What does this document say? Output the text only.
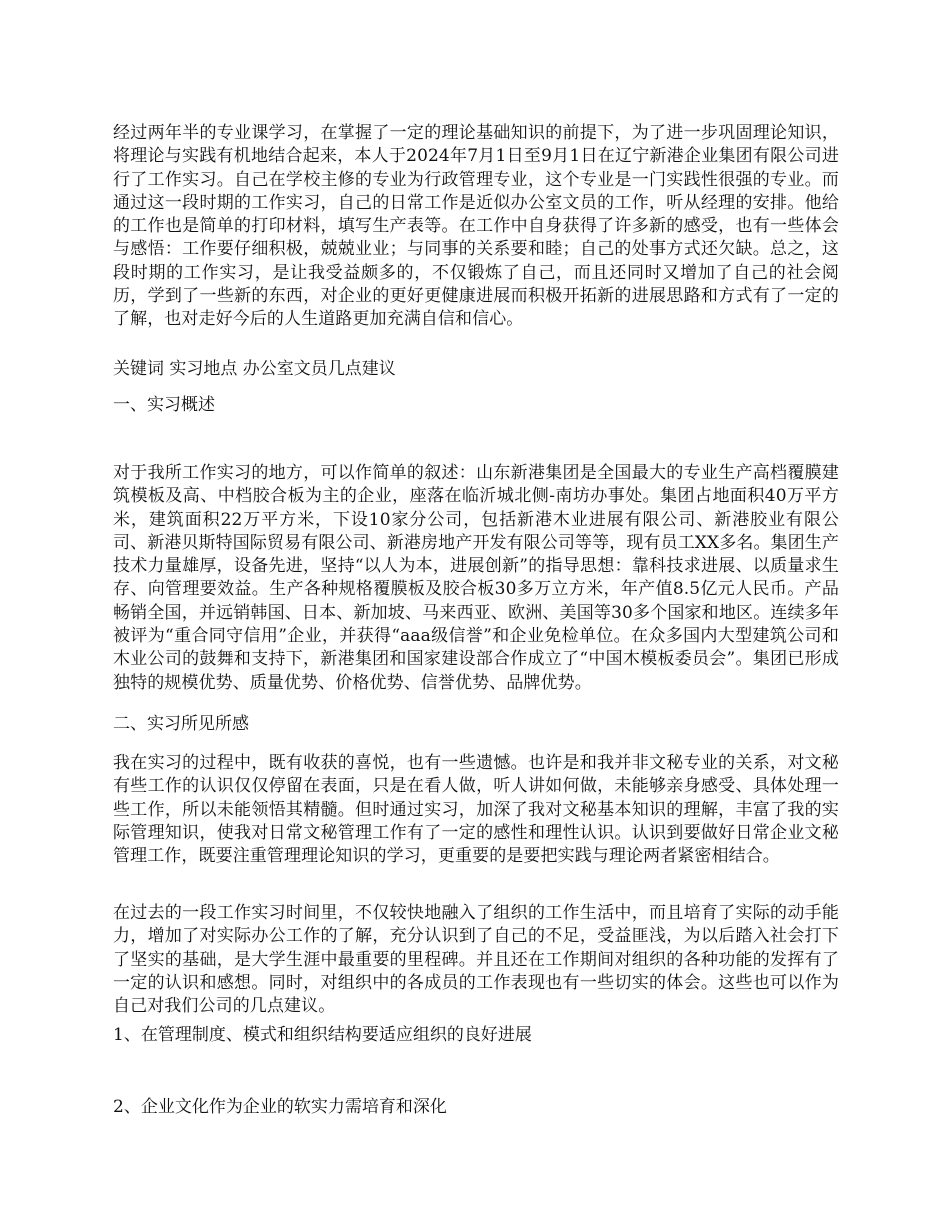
经过两年半的专业课学习，在掌握了一定的理论基础知识的前提下，为了进一步巩固理论知识，将理论与实践有机地结合起来，本人于2024年7月1日至9月1日在辽宁新港企业集团有限公司进行了工作实习。自己在学校主修的专业为行政管理专业，这个专业是一门实践性很强的专业。而通过这一段时期的工作实习，自己的日常工作是近似办公室文员的工作，听从经理的安排。他给的工作也是简单的打印材料，填写生产表等。在工作中自身获得了许多新的感受，也有一些体会与感悟：工作要仔细积极，兢兢业业；与同事的关系要和睦；自己的处事方式还欠缺。总之，这段时期的工作实习，是让我受益颇多的，不仅锻炼了自己，而且还同时又增加了自己的社会阅历，学到了一些新的东西，对企业的更好更健康进展而积极开拓新的进展思路和方式有了一定的了解，也对走好今后的人生道路更加充满自信和信心。

关键词 实习地点 办公室文员几点建议

一、实习概述

对于我所工作实习的地方，可以作简单的叙述：山东新港集团是全国最大的专业生产高档覆膜建筑模板及高、中档胶合板为主的企业，座落在临沂城北侧-南坊办事处。集团占地面积40万平方米，建筑面积22万平方米，下设10家分公司，包括新港木业进展有限公司、新港胶业有限公司、新港贝斯特国际贸易有限公司、新港房地产开发有限公司等等，现有员工XX多名。集团生产技术力量雄厚，设备先进，坚持“以人为本，进展创新”的指导思想：靠科技求进展、以质量求生存、向管理要效益。生产各种规格覆膜板及胶合板30多万立方米，年产值8.5亿元人民币。产品畅销全国，并远销韩国、日本、新加坡、马来西亚、欧洲、美国等30多个国家和地区。连续多年被评为“重合同守信用”企业，并获得“aaa级信誉”和企业免检单位。在众多国内大型建筑公司和木业公司的鼓舞和支持下，新港集团和国家建设部合作成立了“中国木模板委员会”。集团已形成独特的规模优势、质量优势、价格优势、信誉优势、品牌优势。

二、实习所见所感

我在实习的过程中，既有收获的喜悦，也有一些遗憾。也许是和我并非文秘专业的关系，对文秘有些工作的认识仅仅停留在表面，只是在看人做，听人讲如何做，未能够亲身感受、具体处理一些工作，所以未能领悟其精髓。但时通过实习，加深了我对文秘基本知识的理解，丰富了我的实际管理知识，使我对日常文秘管理工作有了一定的感性和理性认识。认识到要做好日常企业文秘管理工作，既要注重管理理论知识的学习，更重要的是要把实践与理论两者紧密相结合。

在过去的一段工作实习时间里，不仅较快地融入了组织的工作生活中，而且培育了实际的动手能力，增加了对实际办公工作的了解，充分认识到了自己的不足，受益匪浅，为以后踏入社会打下了坚实的基础，是大学生涯中最重要的里程碑。并且还在工作期间对组织的各种功能的发挥有了一定的认识和感想。同时，对组织中的各成员的工作表现也有一些切实的体会。这些也可以作为自己对我们公司的几点建议。

1、在管理制度、模式和组织结构要适应组织的良好进展

2、企业文化作为企业的软实力需培育和深化
